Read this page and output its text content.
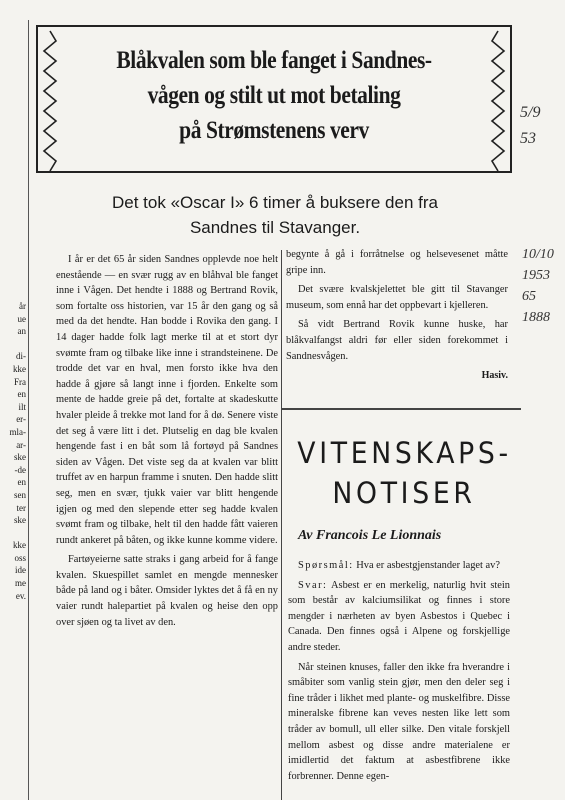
år
ue
an

di-
kke
Fra
en
ilt
er-
mla-
ar-
ske
-de
en
sen
ter
ske

kke
oss
ide
me
ev.
Blåkvalen som ble fanget i Sandnes-
vågen og stilt ut mot betaling
på Strømstenens verv
Det tok «Oscar I» 6 timer å buksere den fra
Sandnes til Stavanger.
5/9
53
10/10
1953
65
1888

I år er det 65 år siden Sandnes opplevde noe helt enestående — en svær rugg av en blåhval ble fanget inne i Vågen. Det hendte i 1888 og Bertrand Rovik, som fortalte oss historien, var 15 år den gang og så med da det hendte. Han bodde i Rovika den gang. I 14 dager hadde folk lagt merke til at et stort dyr svømte fram og tilbake like inne i strandsteinene. De trodde det var en hval, men forsto ikke hva den hadde å gjøre så langt inne i fjorden. Enkelte som mente de hadde greie på det, fortalte at skadeskutte hvaler pleide å trekke mot land for å dø. Senere viste det seg å være litt i det. Plutselig en dag ble kvalen hengende fast i en båt som lå fortøyd på Sandnes siden av Vågen. Det viste seg da at kvalen var blitt truffet av en harpun framme i snuten. Den hadde slitt seg, men en svær, tjukk vaier var blitt hengende igjen og med den slepende etter seg hadde kvalen svømt fram og tilbake, helt til den hadde fått vaieren rundt ankeret på båten, og ikke kunne komme videre.

Fartøyeierne satte straks i gang arbeid for å fange kvalen. Skuespillet samlet en mengde mennesker både på land og i båter. Omsider lyktes det å få en ny vaier rundt halepartiet på kvalen og heise den opp over sjøen og ta livet av den.

begynte å gå i forråtnelse og helsevesenet måtte gripe inn.

Det svære kvalskjelettet ble gitt til Stavanger museum, som ennå har det oppbevart i kjelleren.

Så vidt Bertrand Rovik kunne huske, har blåkvalfangst aldri før eller siden forekommet i Sandnesvågen.

Hasiv.
VITENSKAPS-
NOTISER
Av Francois Le Lionnais

Spørsmål: Hva er asbestgjenstander laget av?

Svar: Asbest er en merkelig, naturlig hvit stein som består av kalciumsilikat og finnes i store mengder i nærheten av byen Asbestos i Quebec i Canada. Den finnes også i Alpene og forskjellige andre steder.

Når steinen knuses, faller den ikke fra hverandre i småbiter som vanlig stein gjør, men den deler seg i fine tråder i likhet med plante- og muskelfibre. Disse mineralske fibrene kan veves nesten like lett som tråder av bomull, ull eller silke. Den vitale forskjell mellom asbest og disse andre materialene er imidlertid det faktum at asbestfibrene ikke forbrenner. Denne egen-
